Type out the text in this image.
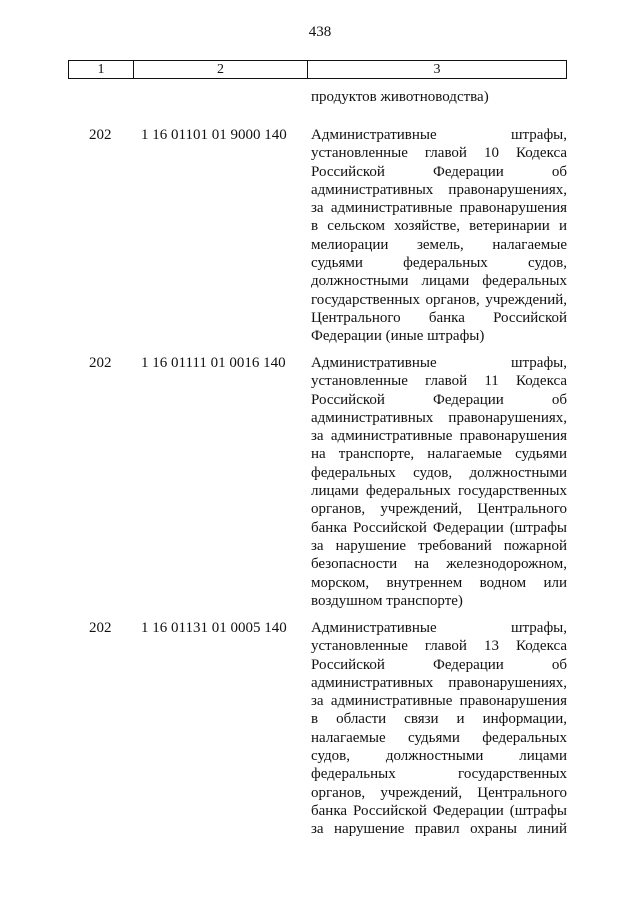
438
1	2	3
продуктов животноводства)
202 1 16 01101 01 9000 140 Административные штрафы,
установленные главой 10 Кодекса
Российской Федерации об
административных правонарушениях,
за административные правонарушения
в сельском хозяйстве, ветеринарии и
мелиорации земель, налагаемые
судьями федеральных судов,
должностными лицами федеральных
государственных органов, учреждений,
Центрального банка Российской
Федерации (иные штрафы)
202 1 16 01111 01 0016 140 Административные штрафы,
установленные главой 11 Кодекса
Российской Федерации об
административных правонарушениях,
за административные правонарушения
на транспорте, налагаемые судьями
федеральных судов, должностными
лицами федеральных государственных
органов, учреждений, Центрального
банка Российской Федерации (штрафы
за нарушение требований пожарной
безопасности на железнодорожном,
морском, внутреннем водном или
воздушном транспорте)
202 1 16 01131 01 0005 140 Административные штрафы,
установленные главой 13 Кодекса
Российской Федерации об
административных правонарушениях,
за административные правонарушения
в области связи и информации,
налагаемые судьями федеральных
судов, должностными лицами
федеральных государственных
органов, учреждений, Центрального
банка Российской Федерации (штрафы
за нарушение правил охраны линий
